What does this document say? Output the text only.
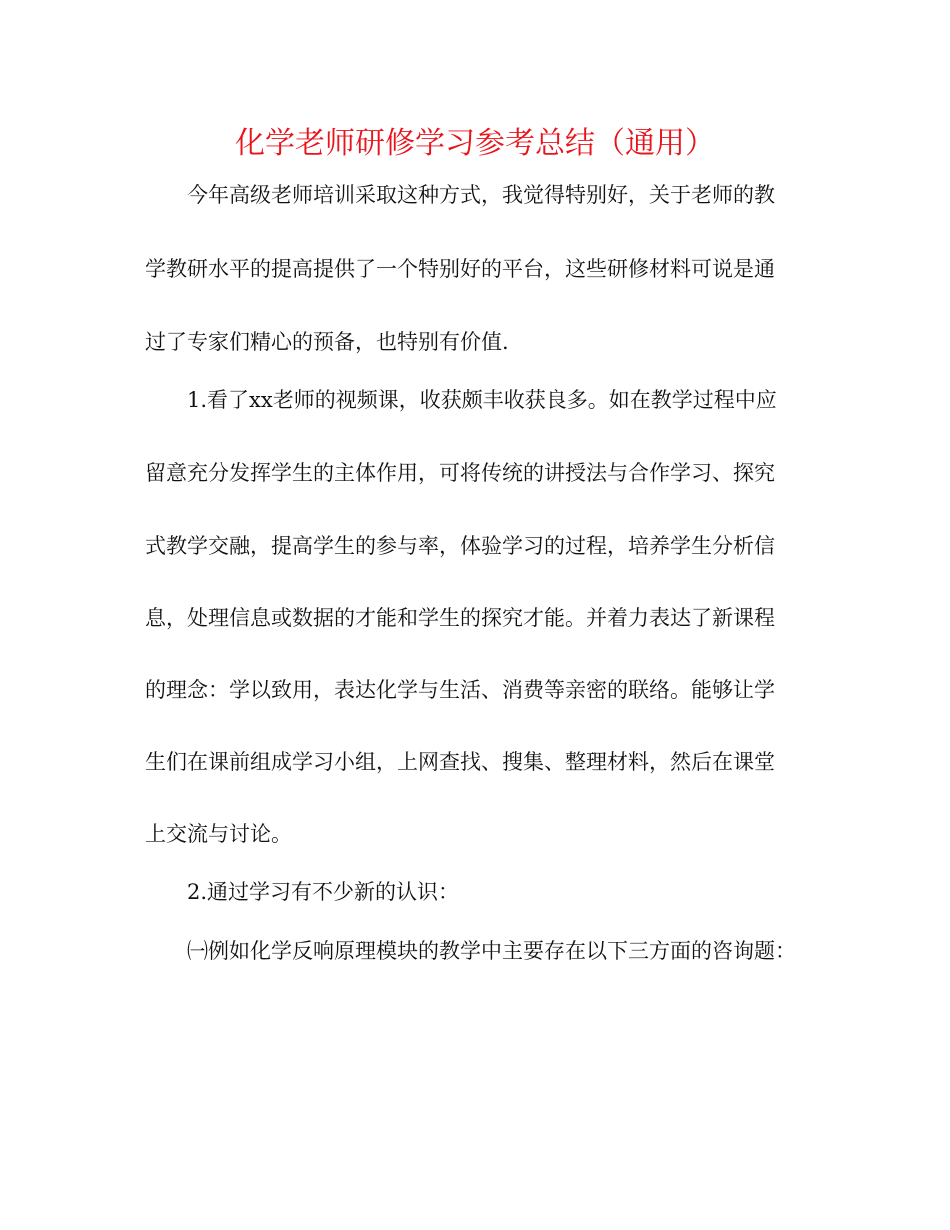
化学老师研修学习参考总结（通用）
今年高级老师培训采取这种方式，我觉得特别好，关于老师的教
学教研水平的提高提供了一个特别好的平台，这些研修材料可说是通
过了专家们精心的预备，也特别有价值.
1.看了xx老师的视频课，收获颇丰收获良多。如在教学过程中应
留意充分发挥学生的主体作用，可将传统的讲授法与合作学习、探究
式教学交融，提高学生的参与率，体验学习的过程，培养学生分析信
息，处理信息或数据的才能和学生的探究才能。并着力表达了新课程
的理念：学以致用，表达化学与生活、消费等亲密的联络。能够让学
生们在课前组成学习小组，上网查找、搜集、整理材料，然后在课堂
上交流与讨论。
2.通过学习有不少新的认识：
㈠例如化学反响原理模块的教学中主要存在以下三方面的咨询题：
